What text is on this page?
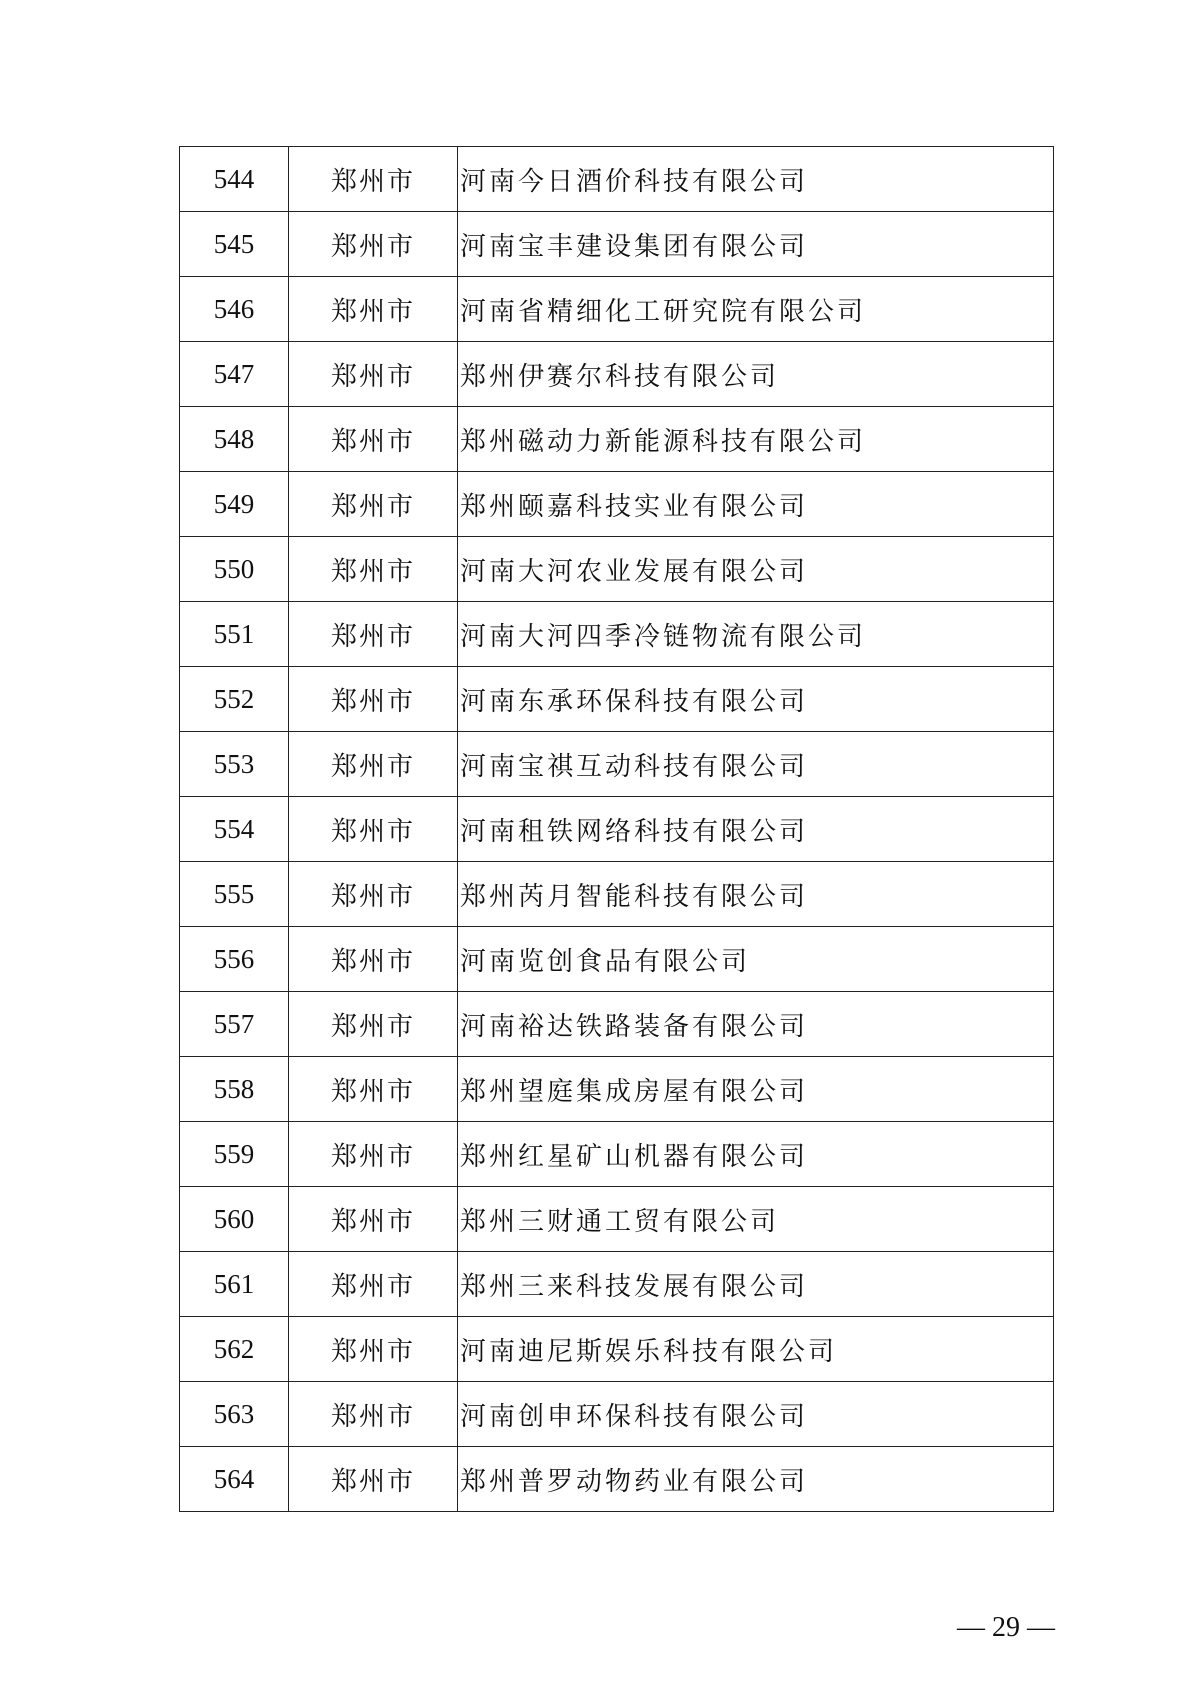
544	郑州市	河南今日酒价科技有限公司
545	郑州市	河南宝丰建设集团有限公司
546	郑州市	河南省精细化工研究院有限公司
547	郑州市	郑州伊赛尔科技有限公司
548	郑州市	郑州磁动力新能源科技有限公司
549	郑州市	郑州颐嘉科技实业有限公司
550	郑州市	河南大河农业发展有限公司
551	郑州市	河南大河四季冷链物流有限公司
552	郑州市	河南东承环保科技有限公司
553	郑州市	河南宝祺互动科技有限公司
554	郑州市	河南租铁网络科技有限公司
555	郑州市	郑州芮月智能科技有限公司
556	郑州市	河南览创食品有限公司
557	郑州市	河南裕达铁路装备有限公司
558	郑州市	郑州望庭集成房屋有限公司
559	郑州市	郑州红星矿山机器有限公司
560	郑州市	郑州三财通工贸有限公司
561	郑州市	郑州三来科技发展有限公司
562	郑州市	河南迪尼斯娱乐科技有限公司
563	郑州市	河南创申环保科技有限公司
564	郑州市	郑州普罗动物药业有限公司
— 29 —
